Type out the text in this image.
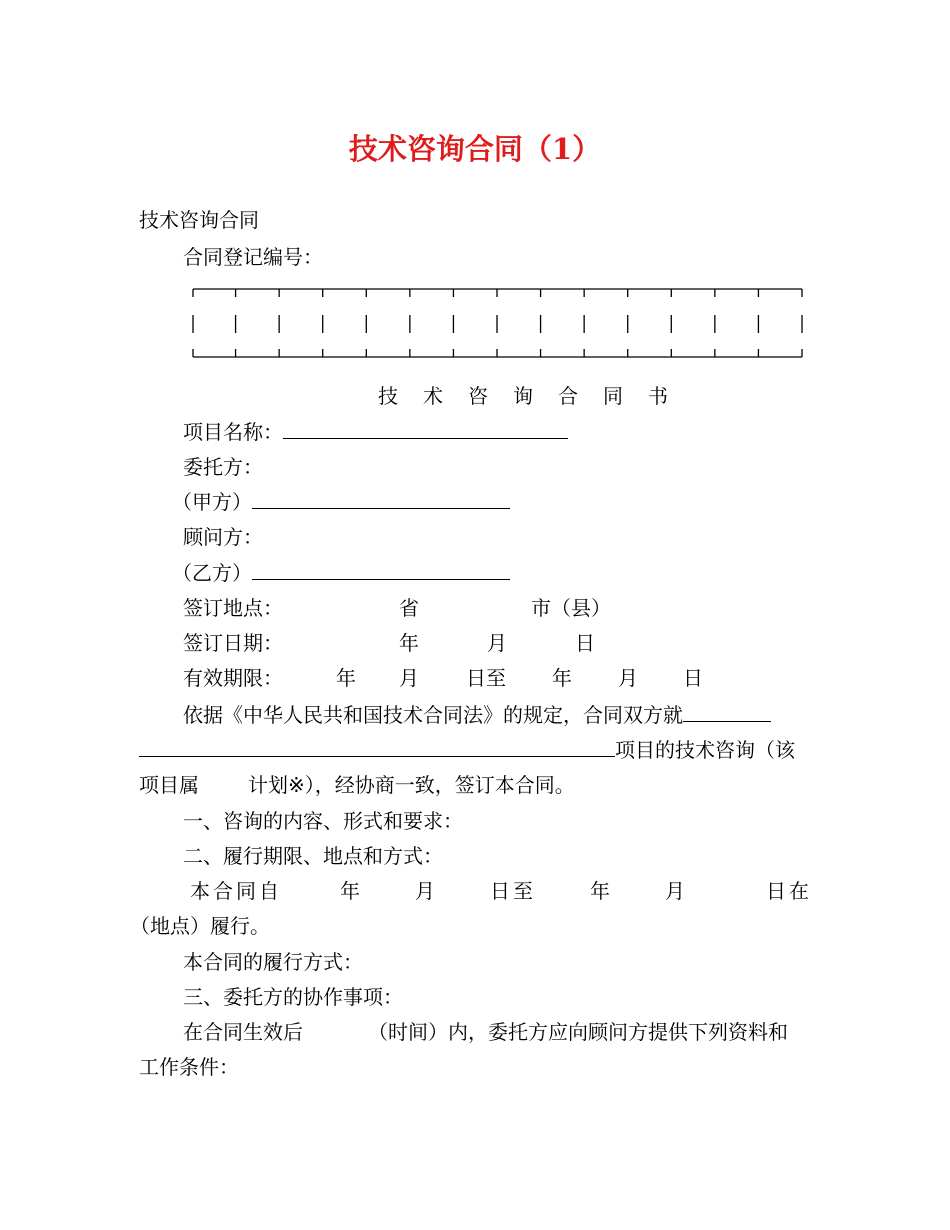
技术咨询合同（1）
技术咨询合同
合同登记编号：
技 术 咨 询 合 同 书
项目名称：
委托方：
（甲方）
顾问方：
（乙方）
签订地点：	省	市（县）
签订日期：	年	月	日
有效期限：	年 月 日至 年 月 日
依据《中华人民共和国技术合同法》的规定，合同双方就
项目的技术咨询（该
项目属 计划※），经协商一致，签订本合同。
一、咨询的内容、形式和要求：
二、履行期限、地点和方式：
本合同自	年	月	日至	年	月	日在
（地点）履行。
本合同的履行方式：
三、委托方的协作事项：
在合同生效后	（时间）内，委托方应向顾问方提供下列资料和
工作条件：
